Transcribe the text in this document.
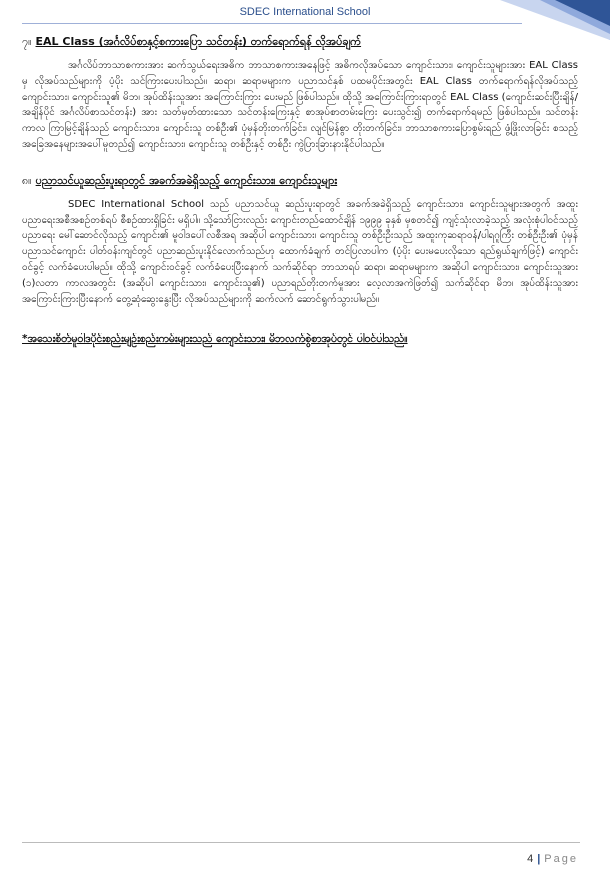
SDEC International School
၇။ EAL Class (အင်္ဂလိပ်စာနှင့်စကားပြော သင်တန်း) တက်ရောက်ရန် လိုအပ်ချက်

အင်္ဂလိပ်ဘာသာစကားအား ဆက်သွယ်ရေးအဓိက ဘာသာစကားအနေဖြင့် အဓိကလိုအပ်သော ကျောင်းသား၊ ကျောင်းသူများအား EAL Class မှ လိုအပ်သည်များကို ပံ့ပိုး သင်ကြားပေးပါသည်။ ဆရာ၊ ဆရာမများက ပညာသင်နှစ် ပထမပိုင်းအတွင်း EAL Class တက်ရောက်ရန်လိုအပ်သည့် ကျောင်းသား၊ ကျောင်းသူ၏ မိဘ၊ အုပ်ထိန်းသူအား အကြောင်းကြား ပေးမည် ဖြစ်ပါသည်။ ထိုသို့ အကြောင်းကြားရာတွင် EAL Class (ကျောင်းဆင်းပြီးချိန်/ အချိန်ပိုင် အင်္ဂလိပ်စာသင်တန်း) အား သတ်မှတ်ထားသော သင်တန်းကြေးနှင့် စာအုပ်စာတမ်းကြေး ပေးသွင်း၍ တက်ရောက်ရမည် ဖြစ်ပါသည်။ သင်တန်းကာလ ကြာမြင့်ချိန်သည် ကျောင်းသား၊ ကျောင်းသူ တစ်ဦး၏ ပုံမှန်တိုးတက်ခြင်း၊ လျင်မြန်စွာ တိုးတက်ခြင်း၊ ဘာသာစကားပြောစွမ်းရည် ဖွံ့ဖြိုးလာခြင်း စသည့် အခြေအနေများအပေါ်မူတည်၍ ကျောင်းသား၊ ကျောင်းသူ တစ်ဦးနှင့် တစ်ဦး ကွဲပြားခြားနားနိုင်ပါသည်။

၈။ ပညာသင်ယူဆည်းပူးရာတွင် အခက်အခဲရှိသည့် ကျောင်းသား၊ ကျောင်းသူများ

SDEC International School သည် ပညာသင်ယူ ဆည်းပူးရာတွင် အခက်အခဲရှိသည့် ကျောင်းသား၊ ကျောင်းသူများအတွက် အထူးပညာရေးအစီအစဉ်တစ်ရပ် စီစဉ်ထားရှိခြင်း မရှိပါ။ သို့သော်ငြားလည်း ကျောင်းတည်ထောင်ချိန် ၁၉၉၉ ခုနှစ် မှစတင်၍ ကျင့်သုံးလာခဲ့သည့် အလုံးစုံပါဝင်သည့်ပညာရေး မေါ်ဆောင်လိုသည့် ကျောင်း၏ မူဝါဒပေါ်လစီအရ အဆိုပါ ကျောင်းသား၊ ကျောင်းသူ တစ်ဦးဦးသည် အထူးကုဆရာဝန်/ပါရဂူကြီး တစ်ဦးဦး၏ ပုံမှန်ပညာသင်ကျောင်း ပါတ်ဝန်းကျင်တွင် ပညာဆည်းပူးနိုင်လောက်သည်ဟု ထောက်ခံချက် တင်ပြလာပါက (ပံ့ပိုး ပေးမပေးလိုသော ရည်ရွယ်ချက်ဖြင့်) ကျောင်းဝင်ခွင့် လက်ခံပေးပါမည်။ ထိုသို့ ကျောင်းဝင်ခွင့် လက်ခံပေးပြီးနောက် သက်ဆိုင်ရာ ဘာသာရပ် ဆရာ၊ ဆရာမများက အဆိုပါ ကျောင်းသား၊ ကျောင်းသူအား (၁)လတာ ကာလအတွင်း (အဆိုပါ ကျောင်းသား၊ ကျောင်းသူ၏) ပညာရည်တိုးတက်မှုအား လေ့လာအကဲဖြတ်၍ သက်ဆိုင်ရာ မိဘ၊ အုပ်ထိန်းသူအား အကြောင်းကြားပြီးနောက် တွေ့ဆုံဆွေးနွေးပြီး လိုအပ်သည်များကို ဆက်လက် ဆောင်ရွက်သွားပါမည်။

*အသေးစိတ်မူဝါဒပိုင်းစည်းမျဉ်းစည်းကမ်းများသည် ကျောင်းသား၊ မိဘလက်စွဲစာအုပ်တွင် ပါဝင်ပါသည်။
4 | Page
